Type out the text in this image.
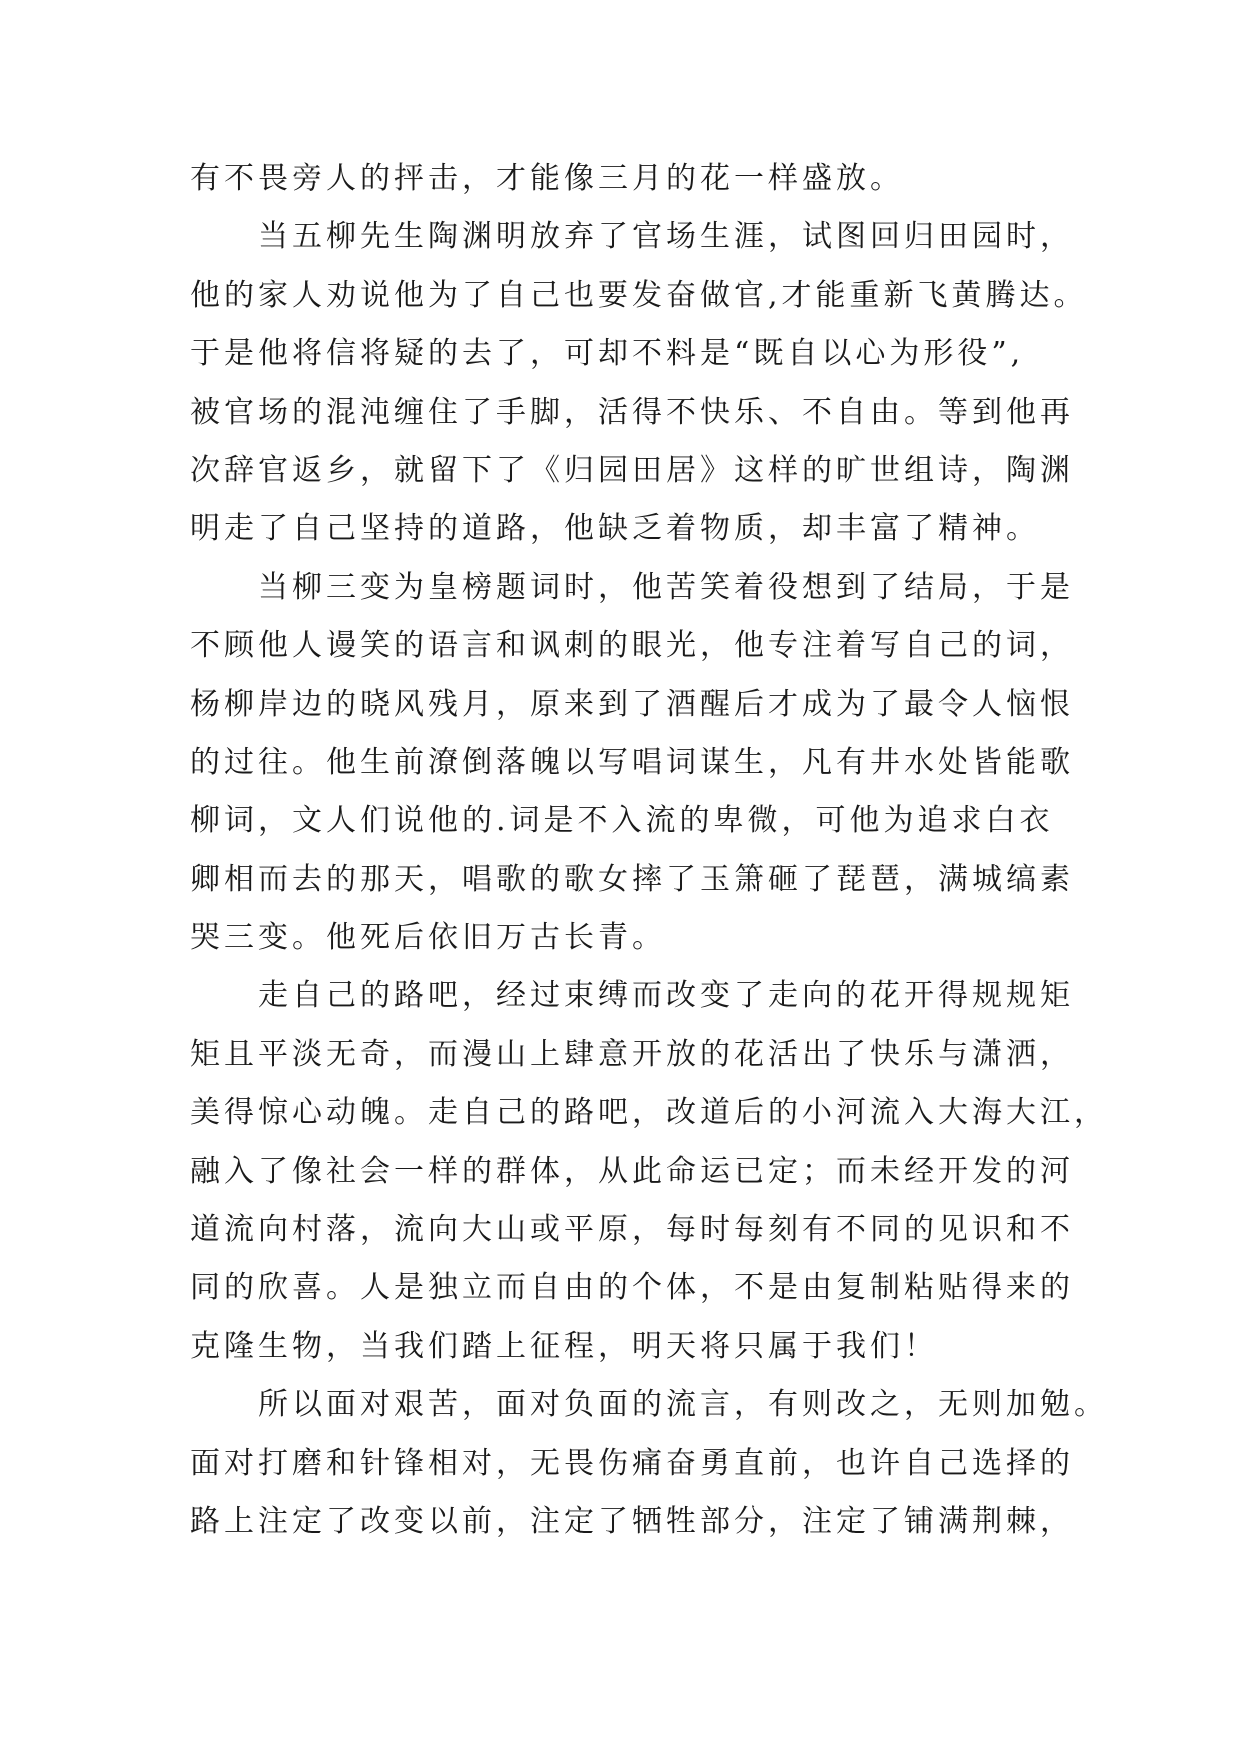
有不畏旁人的抨击，才能像三月的花一样盛放。
当五柳先生陶渊明放弃了官场生涯，试图回归田园时，
他的家人劝说他为了自己也要发奋做官,才能重新飞黄腾达。
于是他将信将疑的去了，可却不料是“既自以心为形役”,
被官场的混沌缠住了手脚，活得不快乐、不自由。等到他再
次辞官返乡，就留下了《归园田居》这样的旷世组诗，陶渊
明走了自己坚持的道路，他缺乏着物质，却丰富了精神。
当柳三变为皇榜题词时，他苦笑着役想到了结局，于是
不顾他人谩笑的语言和讽刺的眼光，他专注着写自己的词，
杨柳岸边的晓风残月，原来到了酒醒后才成为了最令人恼恨
的过往。他生前潦倒落魄以写唱词谋生，凡有井水处皆能歌
柳词，文人们说他的.词是不入流的卑微，可他为追求白衣
卿相而去的那天，唱歌的歌女摔了玉箫砸了琵琶，满城缟素
哭三变。他死后依旧万古长青。
走自己的路吧，经过束缚而改变了走向的花开得规规矩
矩且平淡无奇，而漫山上肆意开放的花活出了快乐与潇洒，
美得惊心动魄。走自己的路吧，改道后的小河流入大海大江，
融入了像社会一样的群体，从此命运已定；而未经开发的河
道流向村落，流向大山或平原，每时每刻有不同的见识和不
同的欣喜。人是独立而自由的个体，不是由复制粘贴得来的
克隆生物，当我们踏上征程，明天将只属于我们！
所以面对艰苦，面对负面的流言，有则改之，无则加勉。
面对打磨和针锋相对，无畏伤痛奋勇直前，也许自己选择的
路上注定了改变以前，注定了牺牲部分，注定了铺满荆棘，
